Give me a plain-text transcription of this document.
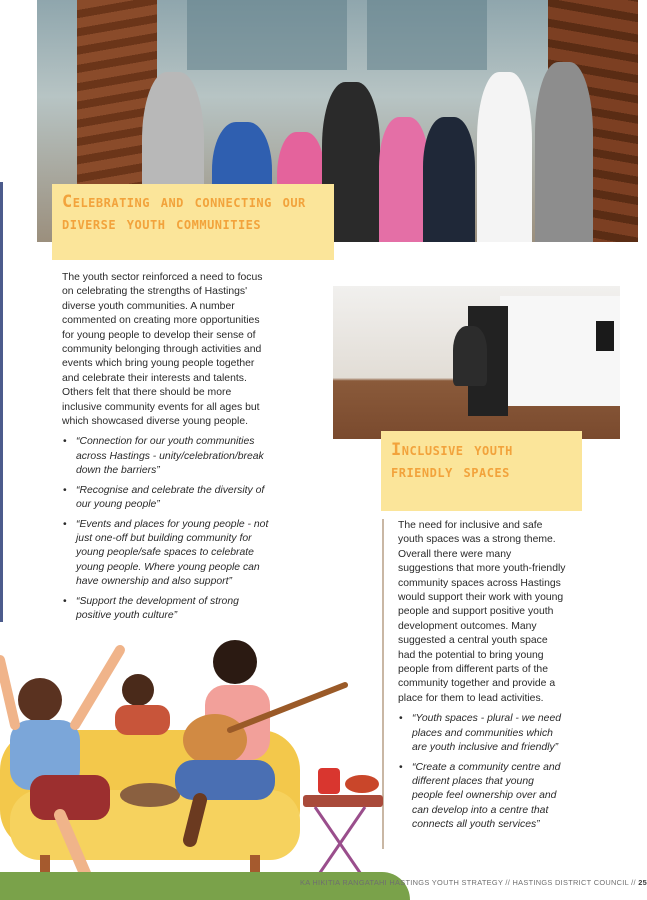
Celebrating and connecting our diverse youth communities

The youth sector reinforced a need to focus on celebrating the strengths of Hastings' diverse youth communities. A number commented on creating more opportunities for young people to develop their sense of community belonging through activities and events which bring young people together and celebrate their interests and talents. Others felt that there should be more inclusive community events for all ages but which showcased diverse young people.

• “Connection for our youth communities across Hastings - unity/celebration/break down the barriers”
• “Recognise and celebrate the diversity of our young people”
• “Events and places for young people - not just one-off but building community for young people/safe spaces to celebrate young people. Where young people can have ownership and also support”
• “Support the development of strong positive youth culture”
Inclusive youth friendly spaces

The need for inclusive and safe youth spaces was a strong theme. Overall there were many suggestions that more youth-friendly community spaces across Hastings would support their work with young people and support positive youth development outcomes. Many suggested a central youth space had the potential to bring young people from different parts of the community together and provide a place for them to lead activities.

• “Youth spaces - plural - we need places and communities which are youth inclusive and friendly”
• “Create a community centre and different places that young people feel ownership over and can develop into a centre that connects all youth services”
KA HIKITIA RANGATAHI HASTINGS YOUTH STRATEGY // HASTINGS DISTRICT COUNCIL // 25
